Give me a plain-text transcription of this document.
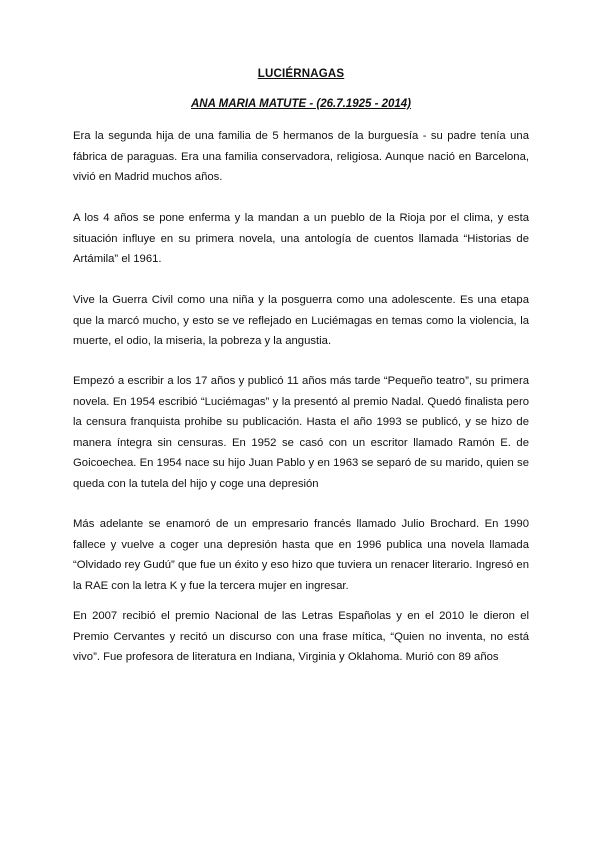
LUCIÉRNAGAS
ANA MARIA MATUTE - (26.7.1925 - 2014)

Era la segunda hija de una familia de 5 hermanos de la burguesía - su padre tenía una fábrica de paraguas. Era una familia conservadora, religiosa. Aunque nació en Barcelona, vivió en Madrid muchos años.

A los 4 años se pone enferma y la mandan a un pueblo de la Rioja por el clima, y esta situación influye en su primera novela, una antología de cuentos llamada “Historias de Artámila” el 1961.

Vive la Guerra Civil como una niña y la posguerra como una adolescente. Es una etapa que la marcó mucho, y esto se ve reflejado en Luciémagas en temas como la violencia, la muerte, el odio, la miseria, la pobreza y la angustia.

Empezó a escribir a los 17 años y publicó 11 años más tarde “Pequeño teatro”, su primera novela. En 1954 escribió “Luciémagas” y la presentó al premio Nadal. Quedó finalista pero la censura franquista prohibe su publicación. Hasta el año 1993 se publicó, y se hizo de manera íntegra sin censuras. En 1952 se casó con un escritor llamado Ramón E. de Goicoechea. En 1954 nace su hijo Juan Pablo y en 1963 se separó de su marido, quien se queda con la tutela del hijo y coge una depresión

Más adelante se enamoró de un empresario francés llamado Julio Brochard. En 1990 fallece y vuelve a coger una depresión hasta que en 1996 publica una novela llamada “Olvidado rey Gudú” que fue un éxito y eso hizo que tuviera un renacer literario. Ingresó en la RAE con la letra K y fue la tercera mujer en ingresar.

En 2007 recibió el premio Nacional de las Letras Españolas y en el 2010 le dieron el Premio Cervantes y recitó un discurso con una frase mítica, “Quien no inventa, no está vivo”. Fue profesora de literatura en Indiana, Virginia y Oklahoma. Murió con 89 años
